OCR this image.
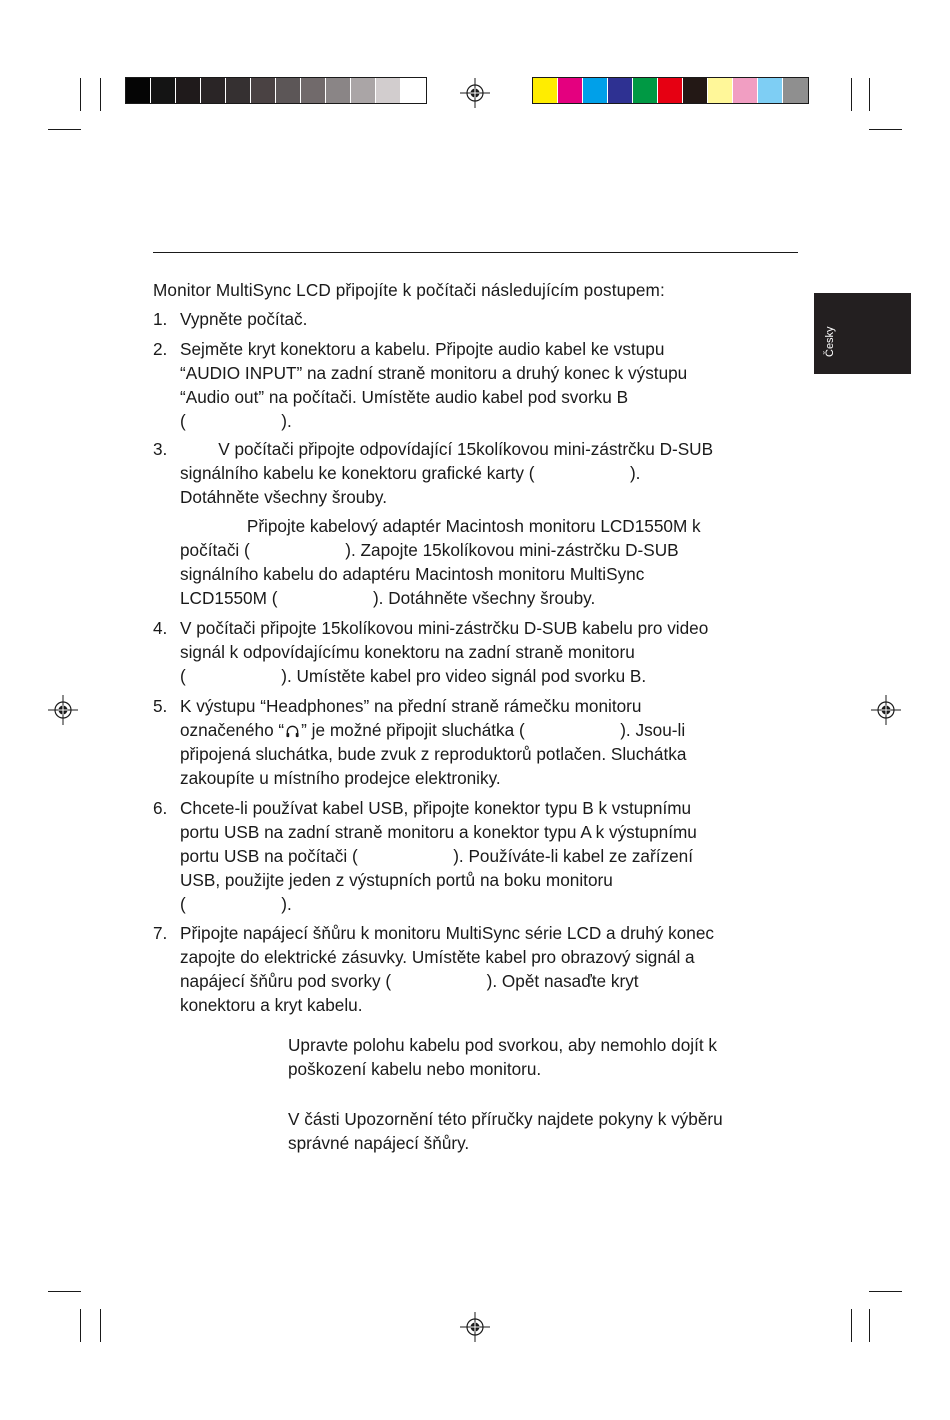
Česky
Monitor MultiSync LCD připojíte k počítači následujícím postupem:
1. Vypněte počítač.
2. Sejměte kryt konektoru a kabelu. Připojte audio kabel ke vstupu
“AUDIO INPUT” na zadní straně monitoru a druhý konec k výstupu
“Audio out” na počítači. Umístěte audio kabel pod svorku B
(                    ).
3. V počítači připojte odpovídající 15kolíkovou mini-zástrčku D-SUB
signálního kabelu ke konektoru grafické karty (                    ).
Dotáhněte všechny šrouby.
Připojte kabelový adaptér Macintosh monitoru LCD1550M k
počítači (                    ). Zapojte 15kolíkovou mini-zástrčku D-SUB
signálního kabelu do adaptéru Macintosh monitoru MultiSync
LCD1550M (                    ). Dotáhněte všechny šrouby.
4. V počítači připojte 15kolíkovou mini-zástrčku D-SUB kabelu pro video
signál k odpovídajícímu konektoru na zadní straně monitoru
(                    ). Umístěte kabel pro video signál pod svorku B.
5. K výstupu “Headphones” na přední straně rámečku monitoru
označeného “ ” je možné připojit sluchátka (                    ). Jsou-li
připojená sluchátka, bude zvuk z reproduktorů potlačen. Sluchátka
zakoupíte u místního prodejce elektroniky.
6. Chcete-li používat kabel USB, připojte konektor typu B k vstupnímu
portu USB na zadní straně monitoru a konektor typu A k výstupnímu
portu USB na počítači (                    ). Používáte-li kabel ze zařízení
USB, použijte jeden z výstupních portů na boku monitoru
(                    ).
7. Připojte napájecí šňůru k monitoru MultiSync série LCD a druhý konec
zapojte do elektrické zásuvky. Umístěte kabel pro obrazový signál a
napájecí šňůru pod svorky (                    ). Opět nasaďte kryt
konektoru a kryt kabelu.
Upravte polohu kabelu pod svorkou, aby nemohlo dojít k
poškození kabelu nebo monitoru.
V části Upozornění této příručky najdete pokyny k výběru
správné napájecí šňůry.
